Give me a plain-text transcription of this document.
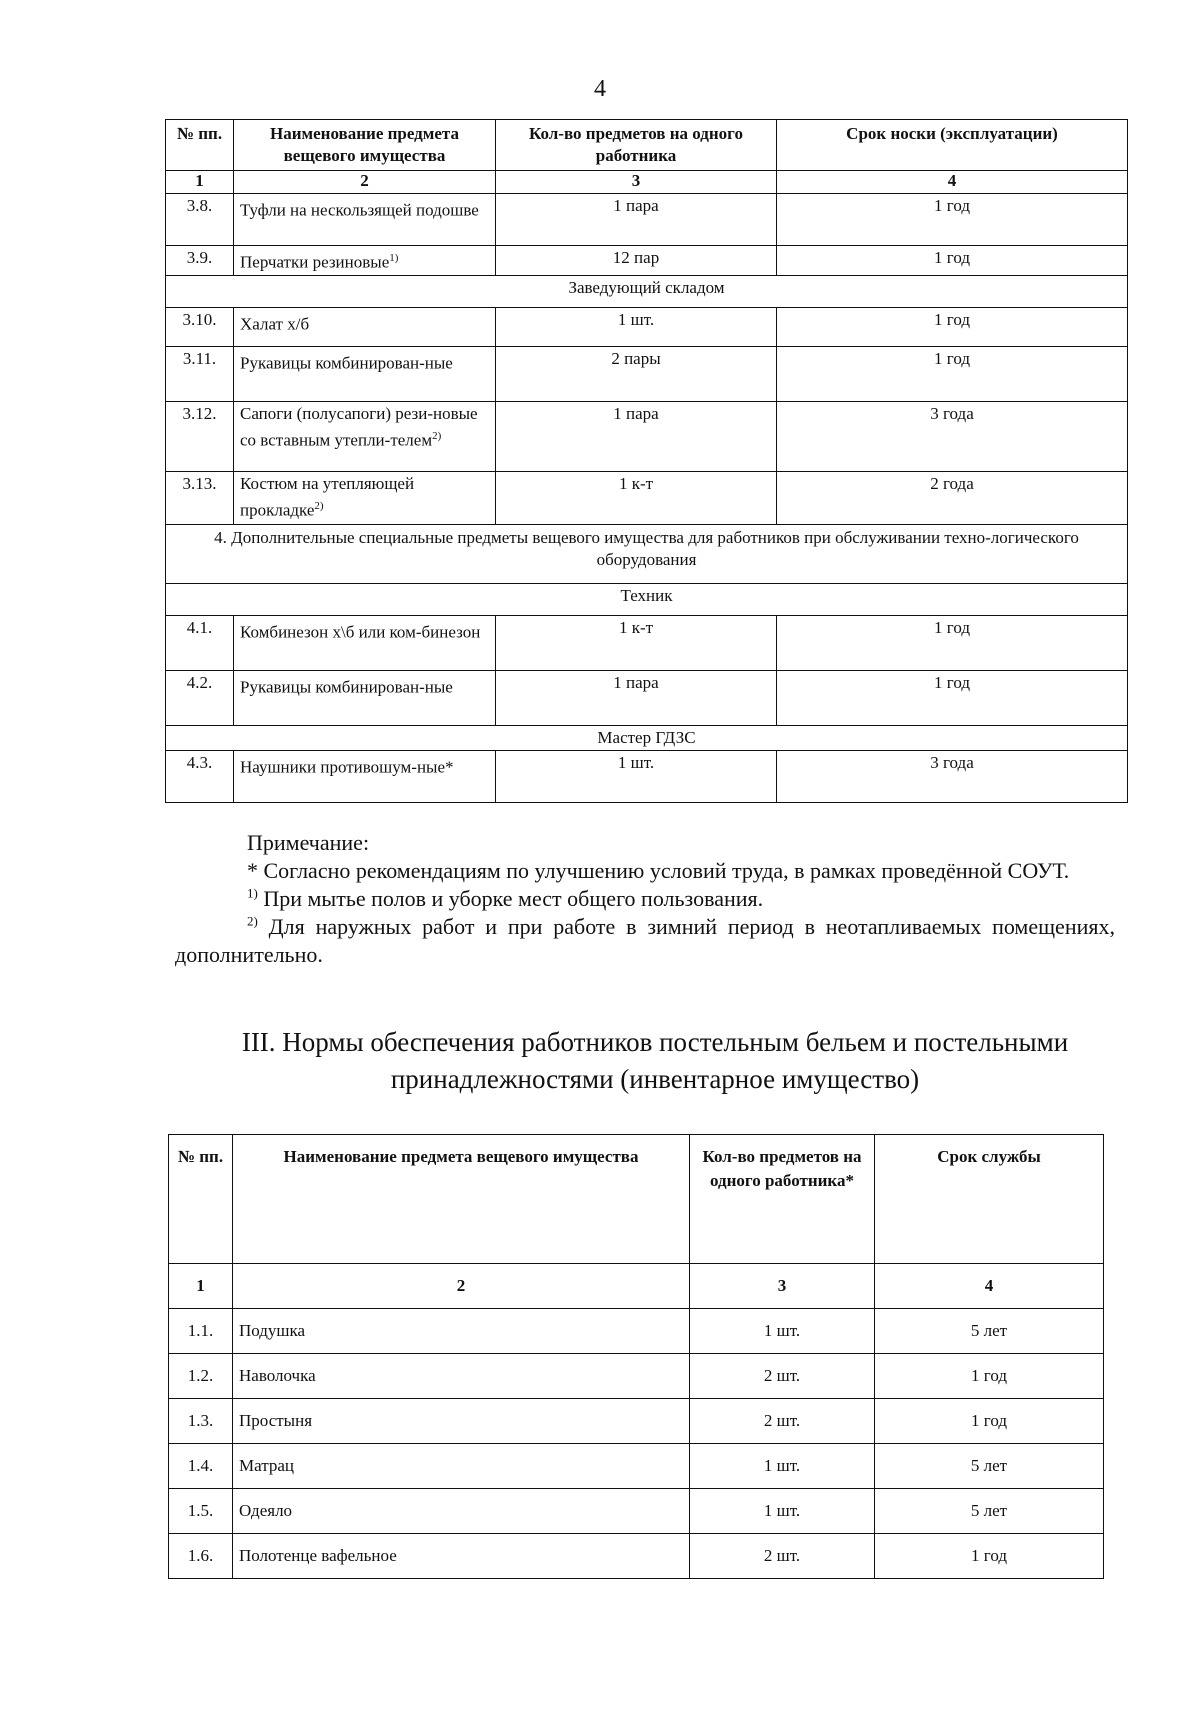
4
№ пп.	Наименование предмета вещевого имущества	Кол-во предметов на одного работника	Срок носки (эксплуатации)
1	2	3	4
3.8.	Туфли на нескользящей подошве	1 пара	1 год
3.9.	Перчатки резиновые$^{1)}$	12 пар	1 год
Заведующий складом			
3.10.	Халат х/б	1 шт.	1 год
3.11.	Рукавицы комбинирован-ные	2 пары	1 год
3.12.	Сапоги (полусапоги) рези-новые со вставным утепли-телем$^{2)}$	1 пара	3 года
3.13.	Костюм на утепляющей прокладке$^{2)}$	1 к-т	2 года
4. Дополнительные специальные предметы вещевого имущества для работников при обслуживании техно-логического оборудования			
Техник			
4.1.	Комбинезон х\б или ком-бинезон	1 к-т	1 год
4.2.	Рукавицы комбинирован-ные	1 пара	1 год
Мастер ГДЗС			
4.3.	Наушники противошум-ные*	1 шт.	3 года

Примечание:

* Согласно рекомендациям по улучшению условий труда, в рамках проведённой СОУТ.

$^{1)}$ При мытье полов и уборке мест общего пользования.

$^{2)}$ Для наружных работ и при работе в зимний период в неотапливаемых помещениях, дополнительно.

III. Нормы обеспечения работников постельным бельем и постельными принадлежностями (инвентарное имущество)
№ пп.	Наименование предмета вещевого имущества	Кол-во предметов на одного работника*	Срок службы
1	2	3	4
1.1.	Подушка	1 шт.	5 лет
1.2.	Наволочка	2 шт.	1 год
1.3.	Простыня	2 шт.	1 год
1.4.	Матрац	1 шт.	5 лет
1.5.	Одеяло	1 шт.	5 лет
1.6.	Полотенце вафельное	2 шт.	1 год
